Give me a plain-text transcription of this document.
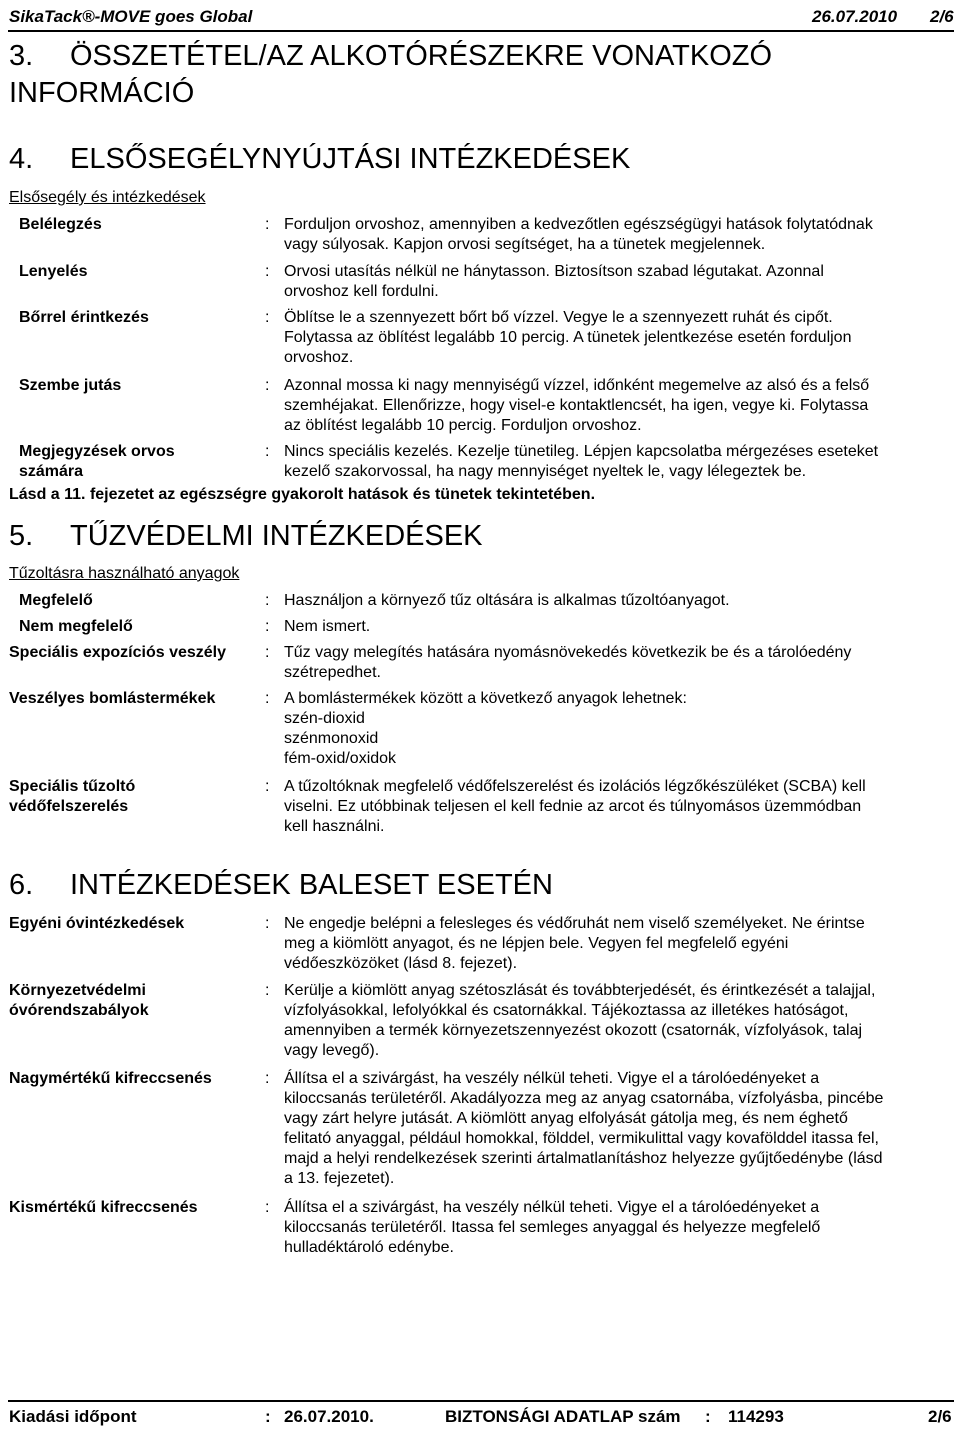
SikaTack®-MOVE goes Global	26.07.2010 2/6
3. ÖSSZETÉTEL/AZ ALKOTÓRÉSZEKRE VONATKOZÓ
INFORMÁCIÓ
4. ELSŐSEGÉLYNYÚJTÁSI INTÉZKEDÉSEK
Elsősegély és intézkedések
Belélegzés	: Forduljon orvoshoz, amennyiben a kedvezőtlen egészségügyi hatások folytatódnak
vagy súlyosak. Kapjon orvosi segítséget, ha a tünetek megjelennek.
Lenyelés	: Orvosi utasítás nélkül ne hánytasson. Biztosítson szabad légutakat. Azonnal
orvoshoz kell fordulni.
Bőrrel érintkezés	: Öblítse le a szennyezett bőrt bő vízzel. Vegye le a szennyezett ruhát és cipőt.
Folytassa az öblítést legalább 10 percig. A tünetek jelentkezése esetén forduljon
orvoshoz.
Szembe jutás	: Azonnal mossa ki nagy mennyiségű vízzel, időnként megemelve az alsó és a felső
szemhéjakat. Ellenőrizze, hogy visel-e kontaktlencsét, ha igen, vegye ki. Folytassa
az öblítést legalább 10 percig. Forduljon orvoshoz.
Megjegyzések orvos
számára
: Nincs speciális kezelés. Kezelje tünetileg. Lépjen kapcsolatba mérgezéses eseteket
kezelő szakorvossal, ha nagy mennyiséget nyeltek le, vagy lélegeztek be.
Lásd a 11. fejezetet az egészségre gyakorolt hatások és tünetek tekintetében.
5. TŰZVÉDELMI INTÉZKEDÉSEK
Tűzoltásra használható anyagok
Megfelelő	: Használjon a környező tűz oltására is alkalmas tűzoltóanyagot.
Nem megfelelő	: Nem ismert.
Speciális expozíciós veszély : Tűz vagy melegítés hatására nyomásnövekedés következik be és a tárolóedény
szétrepedhet.
Veszélyes bomlástermékek	: A bomlástermékek között a következő anyagok lehetnek:
szén-dioxid
szénmonoxid
fém-oxid/oxidok
Speciális tűzoltó
védőfelszerelés
: A tűzoltóknak megfelelő védőfelszerelést és izolációs légzőkészüléket (SCBA) kell
viselni. Ez utóbbinak teljesen el kell fednie az arcot és túlnyomásos üzemmódban
kell használni.
6. INTÉZKEDÉSEK BALESET ESETÉN
Egyéni óvintézkedések	: Ne engedje belépni a felesleges és védőruhát nem viselő személyeket. Ne érintse
meg a kiömlött anyagot, és ne lépjen bele. Vegyen fel megfelelő egyéni
védőeszközöket (lásd 8. fejezet).
Környezetvédelmi
óvórendszabályok
: Kerülje a kiömlött anyag szétoszlását és továbbterjedését, és érintkezését a talajjal,
vízfolyásokkal, lefolyókkal és csatornákkal. Tájékoztassa az illetékes hatóságot,
amennyiben a termék környezetszennyezést okozott (csatornák, vízfolyások, talaj
vagy levegő).
Nagymértékű kifreccsenés	: Állítsa el a szivárgást, ha veszély nélkül teheti. Vigye el a tárolóedényeket a
kiloccsanás területéről. Akadályozza meg az anyag csatornába, vízfolyásba, pincébe
vagy zárt helyre jutását. A kiömlött anyag elfolyását gátolja meg, és nem éghető
felitató anyaggal, például homokkal, földdel, vermikulittal vagy kovafölddel itassa fel,
majd a helyi rendelkezések szerinti ártalmatlanításhoz helyezze gyűjtőedénybe (lásd
a 13. fejezetet).
Kismértékű kifreccsenés	: Állítsa el a szivárgást, ha veszély nélkül teheti. Vigye el a tárolóedényeket a
kiloccsanás területéről. Itassa fel semleges anyaggal és helyezze megfelelő
hulladéktároló edénybe.
Kiadási időpont	: 26.07.2010.	BIZTONSÁGI ADATLAP szám : 114293	2/6
